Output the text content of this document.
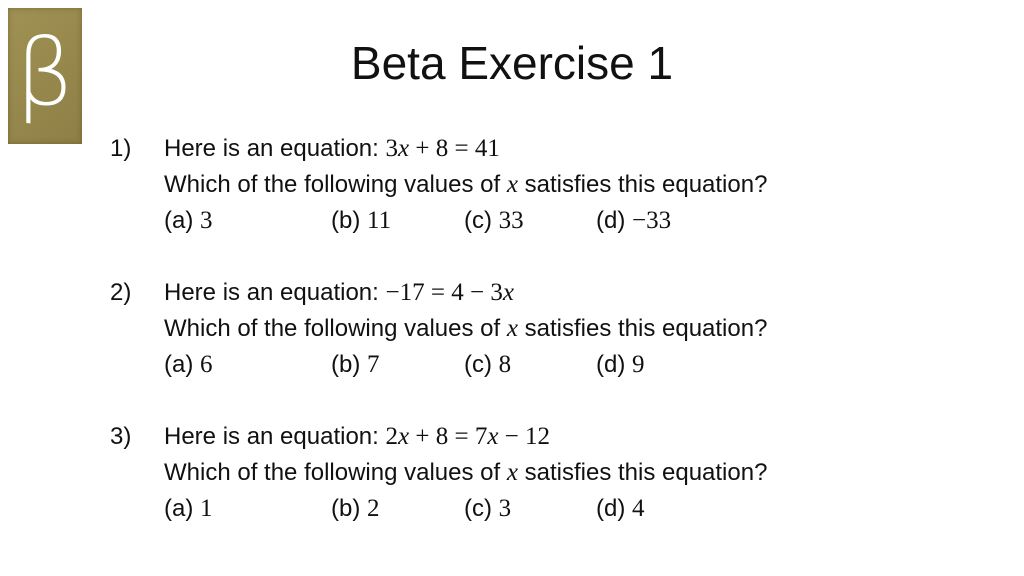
β	Beta Exercise 1
1) Here is an equation: 3x + 8 = 41
Which of the following values of x satisfies this equation?
(a) 3	(b) 11	(c) 33	(d) −33
2) Here is an equation: −17 = 4 − 3x
Which of the following values of x satisfies this equation?
(a) 6	(b) 7	(c) 8	(d) 9
3) Here is an equation: 2x + 8 = 7x − 12
Which of the following values of x satisfies this equation?
(a) 1	(b) 2	(c) 3	(d) 4
